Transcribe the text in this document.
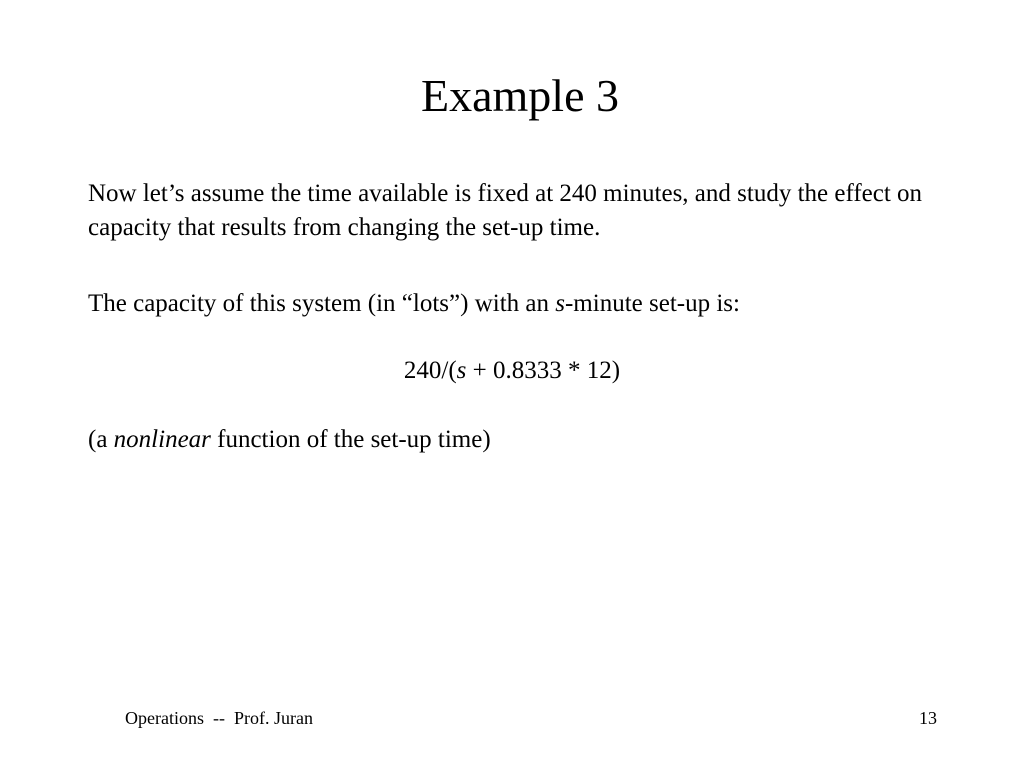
Example 3

Now let’s assume the time available is fixed at 240 minutes, and study the effect on capacity that results from changing the set-up time.

The capacity of this system (in “lots”) with an s-minute set-up is:

240/(s + 0.8333 * 12)

(a nonlinear function of the set-up time)

Operations  --  Prof. Juran	13
